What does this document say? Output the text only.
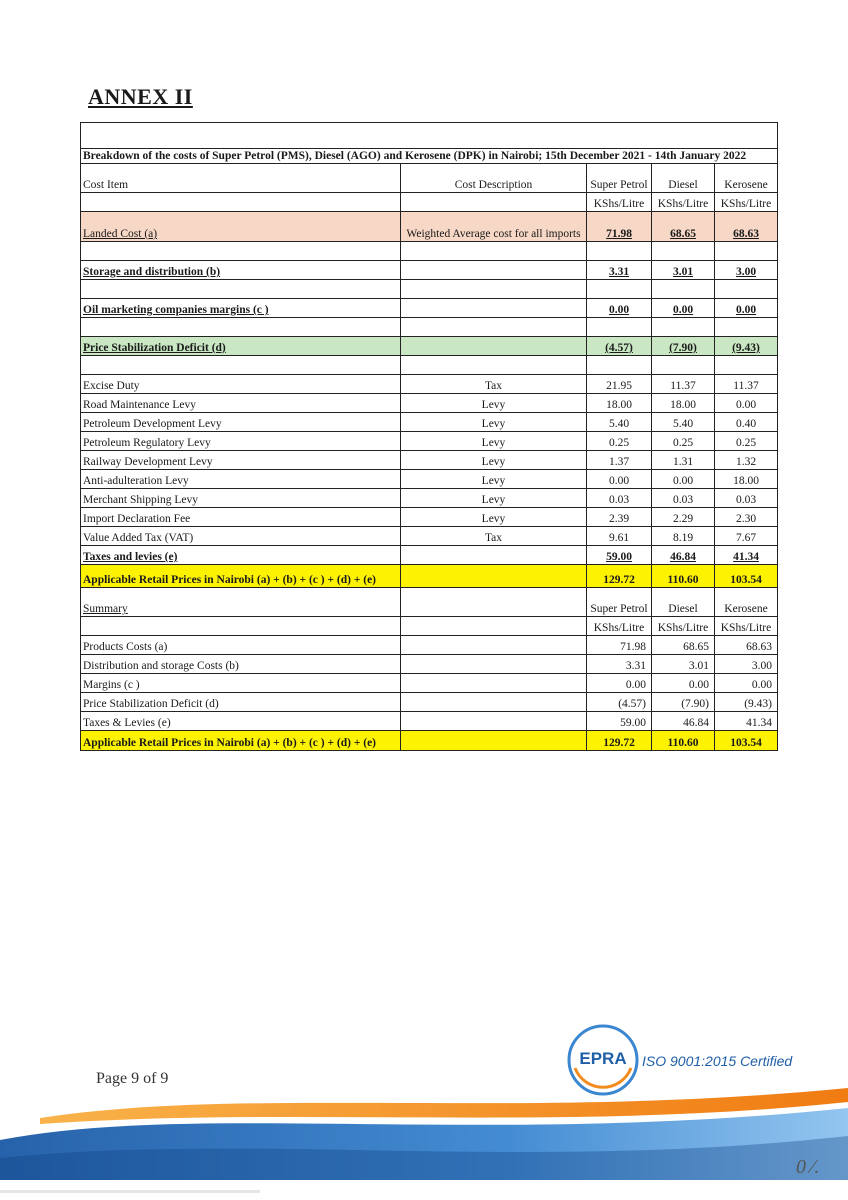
ANNEX II

Breakdown of the costs of Super Petrol (PMS), Diesel (AGO) and Kerosene (DPK) in Nairobi; 15th December 2021 - 14th January 2022				
Cost Item	Cost Description	Super Petrol	Diesel	Kerosene
		KShs/Litre	KShs/Litre	KShs/Litre
Landed Cost (a)	Weighted Average cost for all imports	71.98	68.65	68.63

Storage and distribution (b)		3.31	3.01	3.00

Oil marketing companies margins (c )		0.00	0.00	0.00

Price Stabilization Deficit (d)		(4.57)	(7.90)	(9.43)

Excise Duty	Tax	21.95	11.37	11.37
Road Maintenance Levy	Levy	18.00	18.00	0.00
Petroleum Development Levy	Levy	5.40	5.40	0.40
Petroleum Regulatory Levy	Levy	0.25	0.25	0.25
Railway Development Levy	Levy	1.37	1.31	1.32
Anti-adulteration Levy	Levy	0.00	0.00	18.00
Merchant Shipping Levy	Levy	0.03	0.03	0.03
Import Declaration Fee	Levy	2.39	2.29	2.30
Value Added Tax (VAT)	Tax	9.61	8.19	7.67
Taxes and levies (e)		59.00	46.84	41.34
Applicable Retail Prices in Nairobi (a) + (b) + (c ) + (d) + (e)		129.72	110.60	103.54
Summary		Super Petrol	Diesel	Kerosene
		KShs/Litre	KShs/Litre	KShs/Litre
Products Costs (a)		71.98	68.65	68.63
Distribution and storage Costs (b)		3.31	3.01	3.00
Margins (c )		0.00	0.00	0.00
Price Stabilization Deficit (d)		(4.57)	(7.90)	(9.43)
Taxes & Levies (e)		59.00	46.84	41.34
Applicable Retail Prices in Nairobi (a) + (b) + (c ) + (d) + (e)		129.72	110.60	103.54
Page 9 of 9
EPRA ISO 9001:2015 Certified
0 ⁄.
